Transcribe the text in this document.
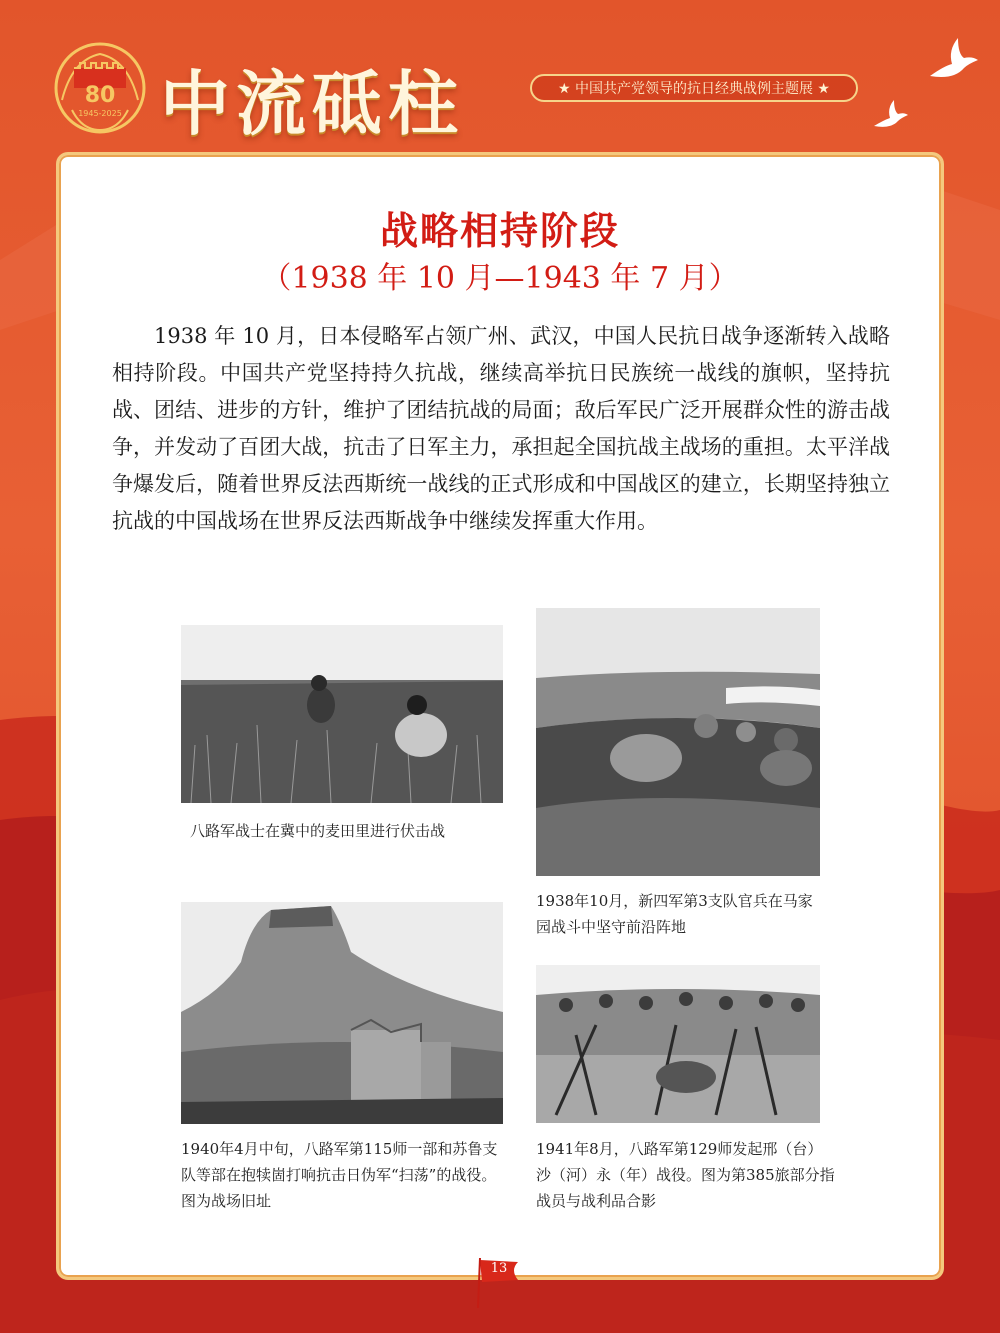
80
1945-2025 中流砥柱	★ 中国共产党领导的抗日经典战例主题展 ★
战略相持阶段
（1938 年 10 月—1943 年 7 月）

1938 年 10 月，日本侵略军占领广州、武汉，中国人民抗日战争逐渐转入战略相持阶段。中国共产党坚持持久抗战，继续高举抗日民族统一战线的旗帜，坚持抗战、团结、进步的方针，维护了团结抗战的局面；敌后军民广泛开展群众性的游击战争，并发动了百团大战，抗击了日军主力，承担起全国抗战主战场的重担。太平洋战争爆发后，随着世界反法西斯统一战线的正式形成和中国战区的建立，长期坚持独立抗战的中国战场在世界反法西斯战争中继续发挥重大作用。

八路军战士在冀中的麦田里进行伏击战

1938年10月，新四军第3支队官兵在马家园战斗中坚守前沿阵地

1940年4月中旬，八路军第115师一部和苏鲁支队等部在抱犊崮打响抗击日伪军“扫荡”的战役。图为战场旧址

1941年8月，八路军第129师发起邢（台）沙（河）永（年）战役。图为第385旅部分指战员与战利品合影

13
